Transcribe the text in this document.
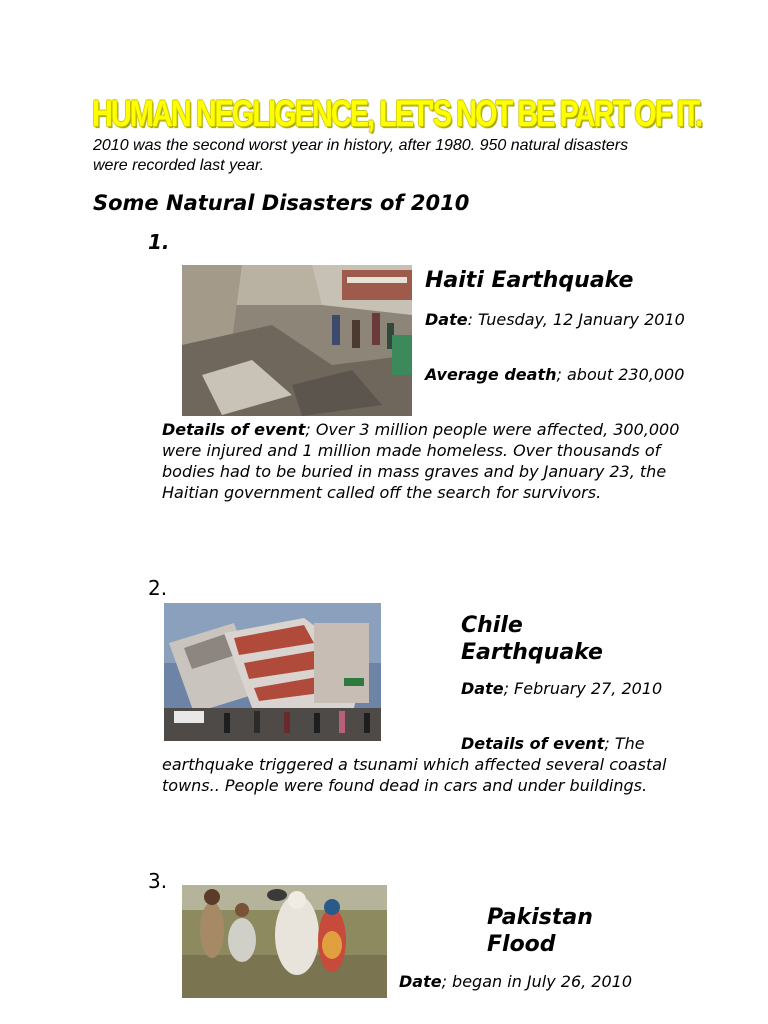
HUMAN NEGLIGENCE, LET'S NOT BE PART OF IT.
2010 was the second worst year in history, after 1980. 950 natural disasters were recorded last year.
Some Natural Disasters of 2010
1.
Haiti Earthquake
Date: Tuesday, 12 January 2010
Average death; about 230,000
Details of event; Over 3 million people were affected, 300,000 were injured and 1 million made homeless. Over thousands of bodies had to be buried in mass graves and by January 23, the Haitian government called off the search for survivors.
2.
Chile
Earthquake
Date; February 27, 2010
Details of event; The earthquake triggered a tsunami which affected several coastal towns.. People were found dead in cars and under buildings.
3.
Pakistan
Flood
Date; began in July 26, 2010
